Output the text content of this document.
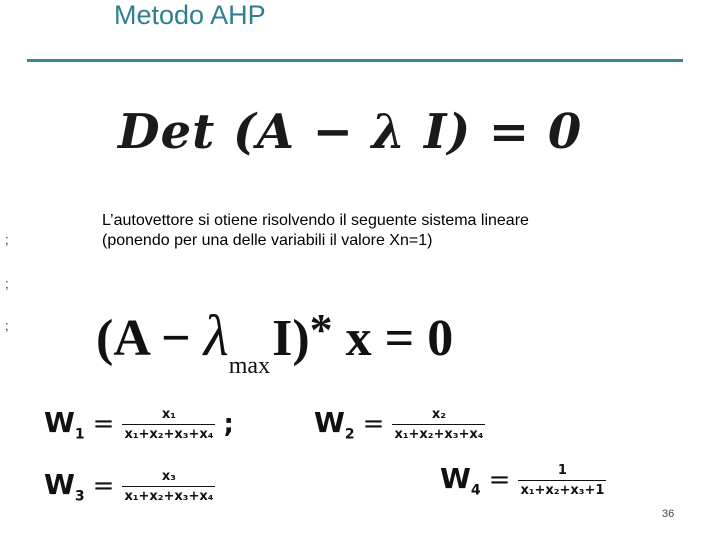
Metodo AHP
Det (A − λ I) = 0
;
;
;
L’autovettore si otiene risolvendo il seguente sistema lineare
(ponendo per una delle variabili il valore Xn=1)
$(A - \lambda_{max}I)*$ x = 0
$W_1 = \frac{\text{x₁}}{\text{x₁+x₂+x₃+x₄}}$ ;	$W_2 = \frac{\text{x₂}}{\text{x₁+x₂+x₃+x₄}}$
$W_3 = \frac{\text{x₃}}{\text{x₁+x₂+x₃+x₄}}$	$W_4 = \frac{1}{\text{x₁+x₂+x₃+1}}$
36
